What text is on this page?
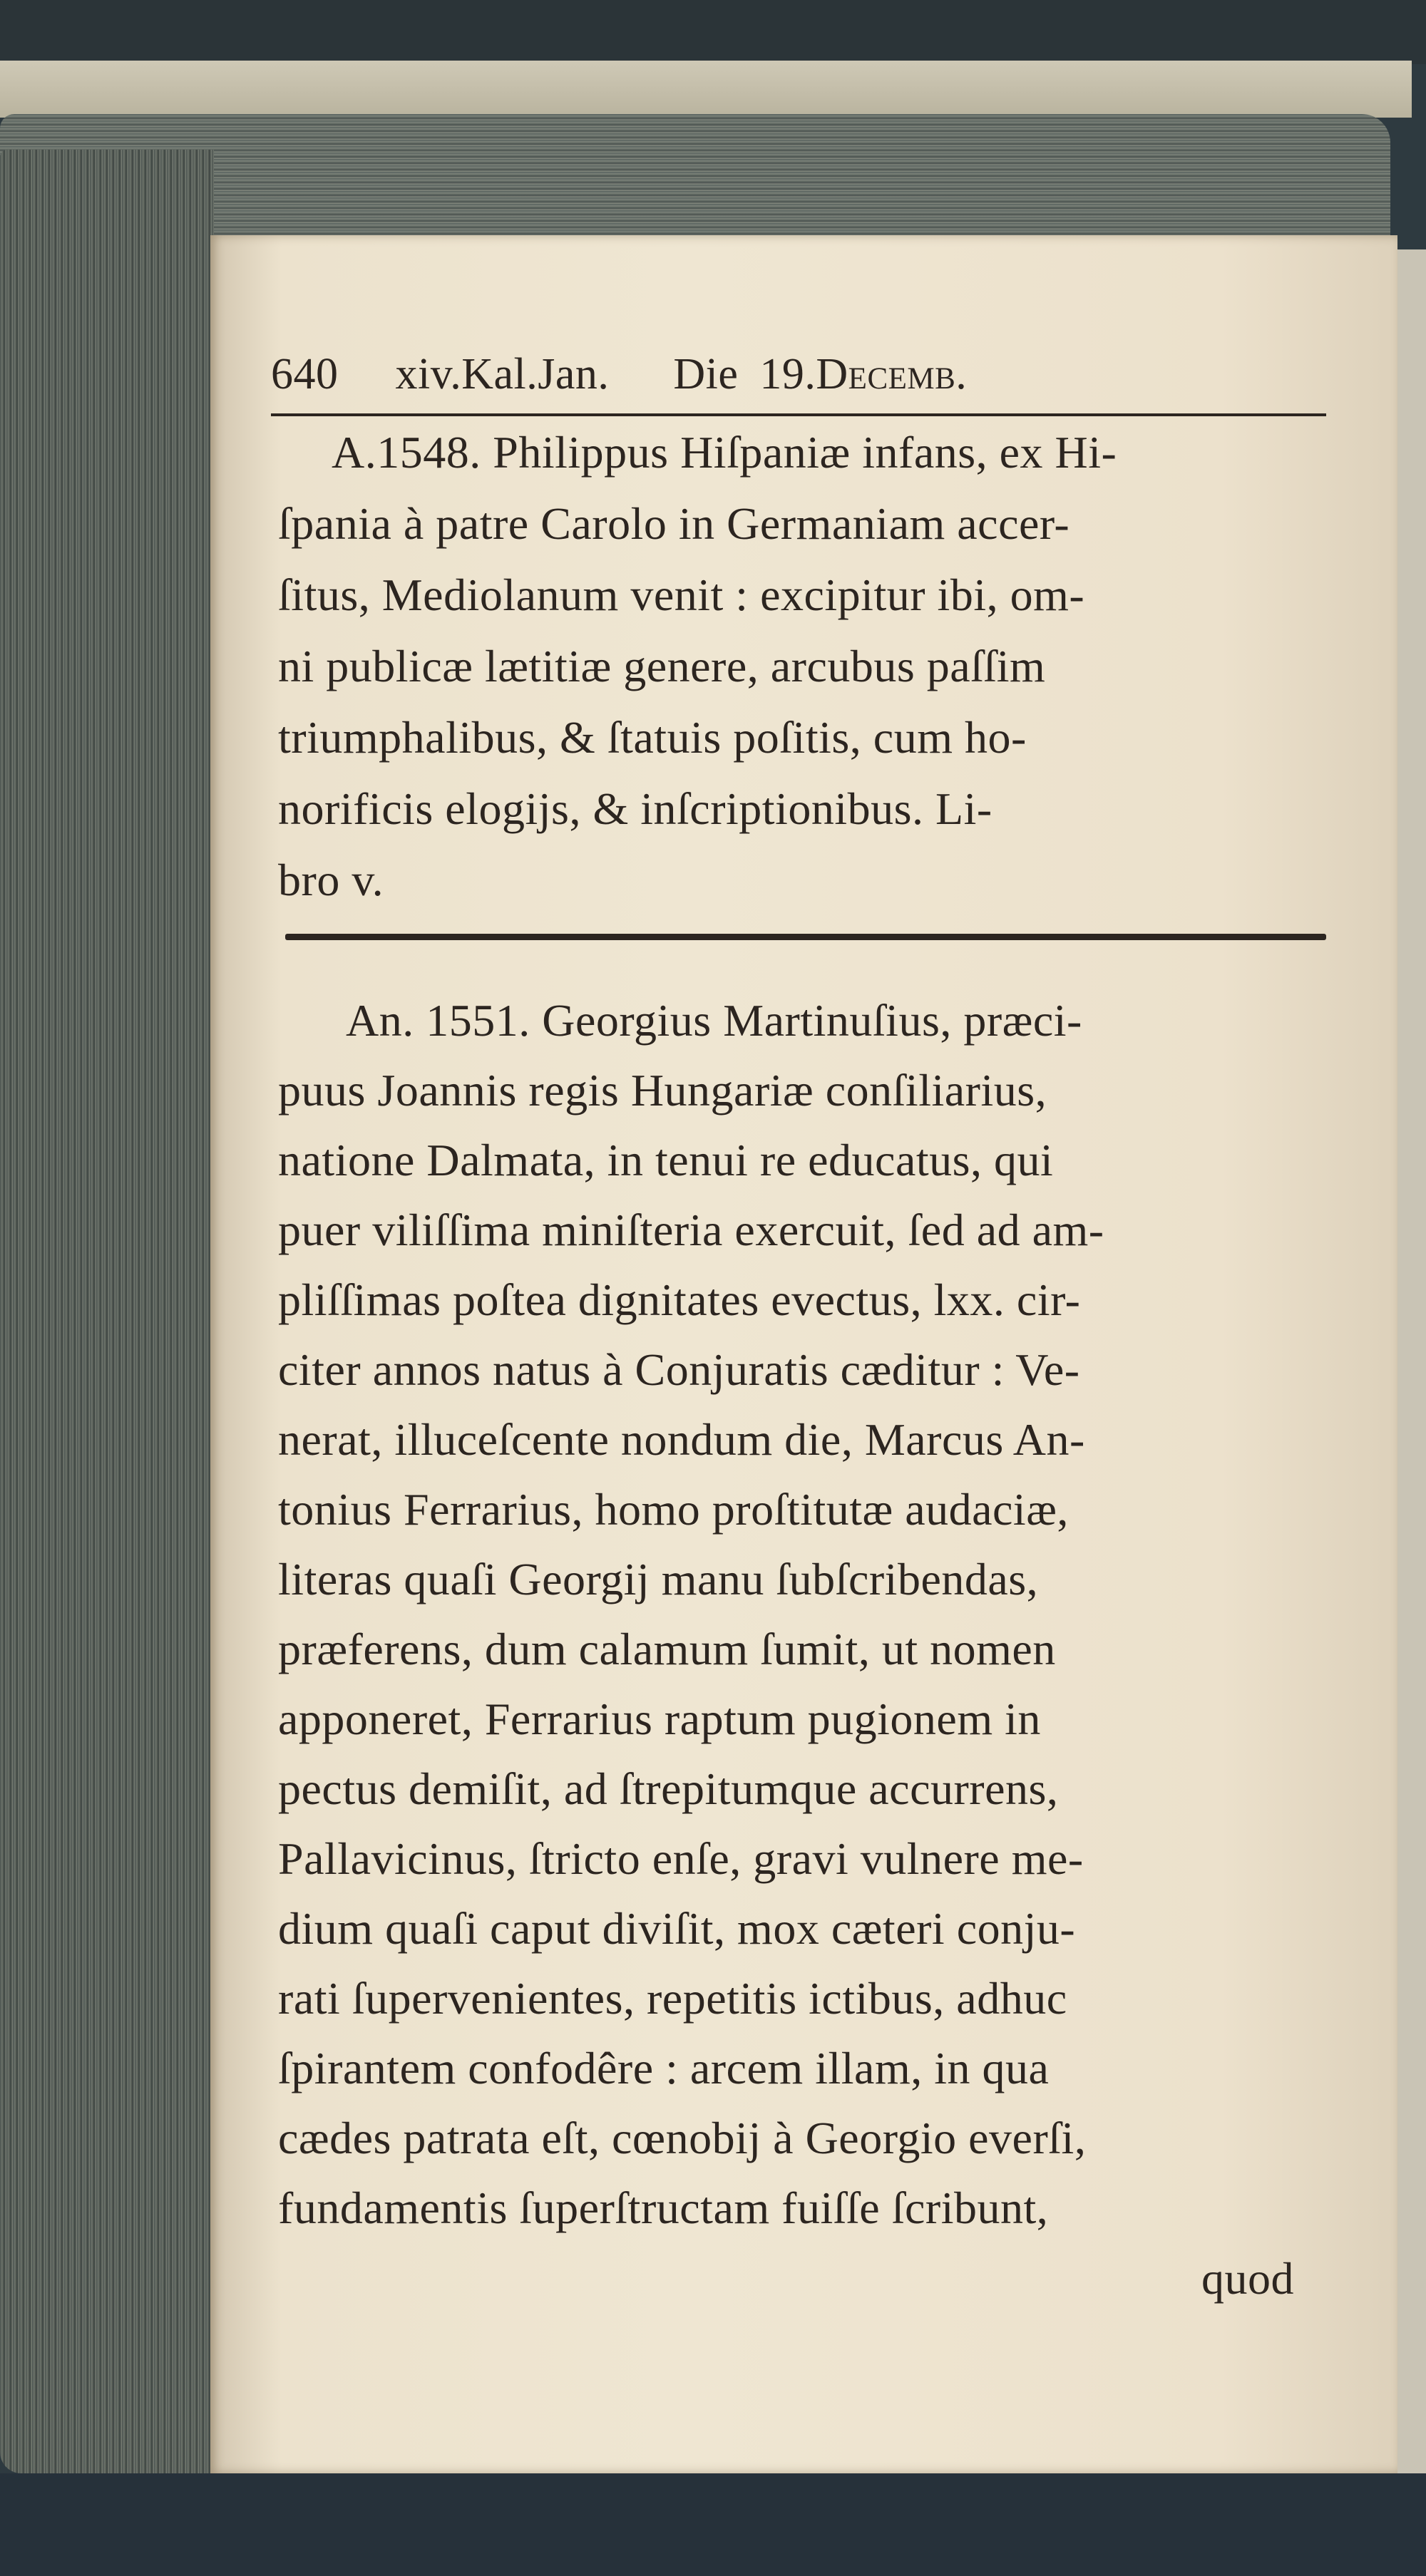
640 xiv.Kal.Jan. Die 19.Decemb.
A.1548. Philippus Hiſpaniæ infans, ex Hi-
ſpania à patre Carolo in Germaniam accer-
ſitus, Mediolanum venit : excipitur ibi, om-
ni publicæ lætitiæ genere, arcubus paſſim
triumphalibus, & ſtatuis poſitis, cum ho-
norificis elogijs, & inſcriptionibus. Li-
bro v.
An. 1551. Georgius Martinuſius, præci-
puus Joannis regis Hungariæ conſiliarius,
natione Dalmata, in tenui re educatus, qui
puer viliſſima miniſteria exercuit, ſed ad am-
pliſſimas poſtea dignitates evectus, lxx. cir-
citer annos natus à Conjuratis cæditur : Ve-
nerat, illuceſcente nondum die, Marcus An-
tonius Ferrarius, homo proſtitutæ audaciæ,
literas quaſi Georgij manu ſubſcribendas,
præferens, dum calamum ſumit, ut nomen
apponeret, Ferrarius raptum pugionem in
pectus demiſit, ad ſtrepitumque accurrens,
Pallavicinus, ſtricto enſe, gravi vulnere me-
dium quaſi caput diviſit, mox cæteri conju-
rati ſupervenientes, repetitis ictibus, adhuc
ſpirantem confodêre : arcem illam, in qua
cædes patrata eſt, cœnobij à Georgio everſi,
fundamentis ſuperſtructam fuiſſe ſcribunt,
quod
